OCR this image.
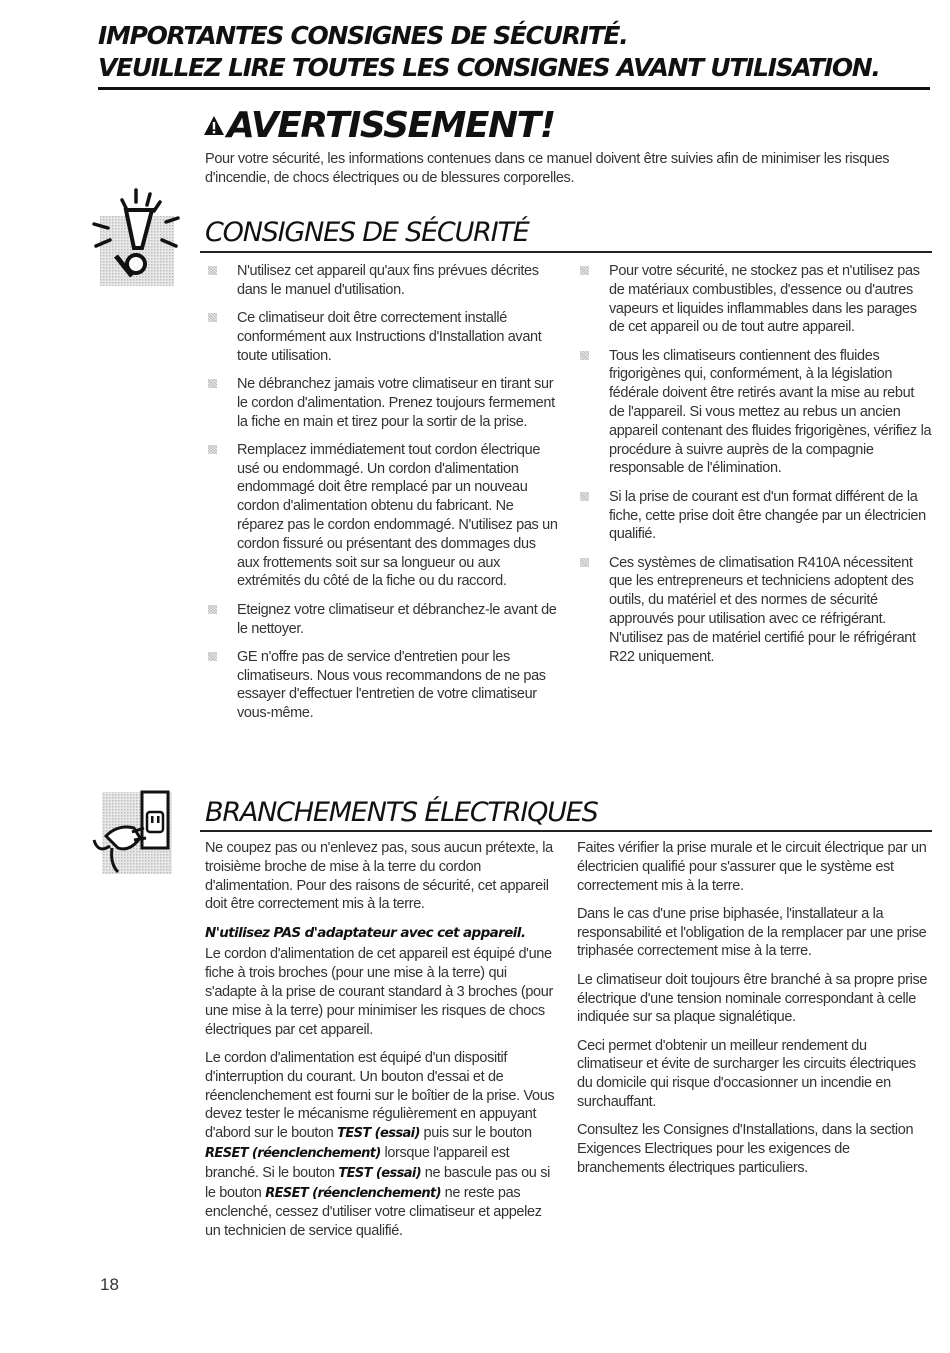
IMPORTANTES CONSIGNES DE SÉCURITÉ.
VEUILLEZ LIRE TOUTES LES CONSIGNES AVANT UTILISATION.
AVERTISSEMENT!
Pour votre sécurité, les informations contenues dans ce manuel doivent être suivies afin de minimiser les risques d'incendie, de chocs électriques ou de blessures corporelles.
CONSIGNES DE SÉCURITÉ
N'utilisez cet appareil qu'aux fins prévues décrites dans le manuel d'utilisation.
Ce climatiseur doit être correctement installé conformément aux Instructions d'Installation avant toute utilisation.
Ne débranchez jamais votre climatiseur en tirant sur le cordon d'alimentation. Prenez toujours fermement la fiche en main et tirez pour la sortir de la prise.
Remplacez immédiatement tout cordon électrique usé ou endommagé. Un cordon d'alimentation endommagé doit être remplacé par un nouveau cordon d'alimentation obtenu du fabricant. Ne réparez pas le cordon endommagé. N'utilisez pas un cordon fissuré ou présentant des dommages dus aux frottements soit sur sa longueur ou aux extrémités du côté de la fiche ou du raccord.
Eteignez votre climatiseur et débranchez-le avant de le nettoyer.
GE n'offre pas de service d'entretien pour les climatiseurs. Nous vous recommandons de ne pas essayer d'effectuer l'entretien de votre climatiseur vous-même.
Pour votre sécurité, ne stockez pas et n'utilisez pas de matériaux combustibles, d'essence ou d'autres vapeurs et liquides inflammables dans les parages de cet appareil ou de tout autre appareil.
Tous les climatiseurs contiennent des fluides frigorigènes qui, conformément, à la législation fédérale doivent être retirés avant la mise au rebut de l'appareil. Si vous mettez au rebus un ancien appareil contenant des fluides frigorigènes, vérifiez la procédure à suivre auprès de la compagnie responsable de l'élimination.
Si la prise de courant est d'un format différent de la fiche, cette prise doit être changée par un électricien qualifié.
Ces systèmes de climatisation R410A nécessitent que les entrepreneurs et techniciens adoptent des outils, du matériel et des normes de sécurité approuvés pour utilisation avec ce réfrigérant. N'utilisez pas de matériel certifié pour le réfrigérant R22 uniquement.
BRANCHEMENTS ÉLECTRIQUES
Ne coupez pas ou n'enlevez pas, sous aucun prétexte, la troisième broche de mise à la terre du cordon d'alimentation. Pour des raisons de sécurité, cet appareil doit être correctement mis à la terre.
N'utilisez PAS d'adaptateur avec cet appareil.
Le cordon d'alimentation de cet appareil est équipé d'une fiche à trois broches (pour une mise à la terre) qui s'adapte à la prise de courant standard à 3 broches (pour une mise à la terre) pour minimiser les risques de chocs électriques par cet appareil.
Le cordon d'alimentation est équipé d'un dispositif d'interruption du courant. Un bouton d'essai et de réenclenchement est fourni sur le boîtier de la prise. Vous devez tester le mécanisme régulièrement en appuyant d'abord sur le bouton TEST (essai) puis sur le bouton RESET (réenclenchement) lorsque l'appareil est branché. Si le bouton TEST (essai) ne bascule pas ou si le bouton RESET (réenclenchement) ne reste pas enclenché, cessez d'utiliser votre climatiseur et appelez un technicien de service qualifié.
Faites vérifier la prise murale et le circuit électrique par un électricien qualifié pour s'assurer que le système est correctement mis à la terre.
Dans le cas d'une prise biphasée, l'installateur a la responsabilité et l'obligation de la remplacer par une prise triphasée correctement mise à la terre.
Le climatiseur doit toujours être branché à sa propre prise électrique d'une tension nominale correspondant à celle indiquée sur sa plaque signalétique.
Ceci permet d'obtenir un meilleur rendement du climatiseur et évite de surcharger les circuits électriques du domicile qui risque d'occasionner un incendie en surchauffant.
Consultez les Consignes d'Installations, dans la section Exigences Electriques pour les exigences de branchements électriques particuliers.
18
